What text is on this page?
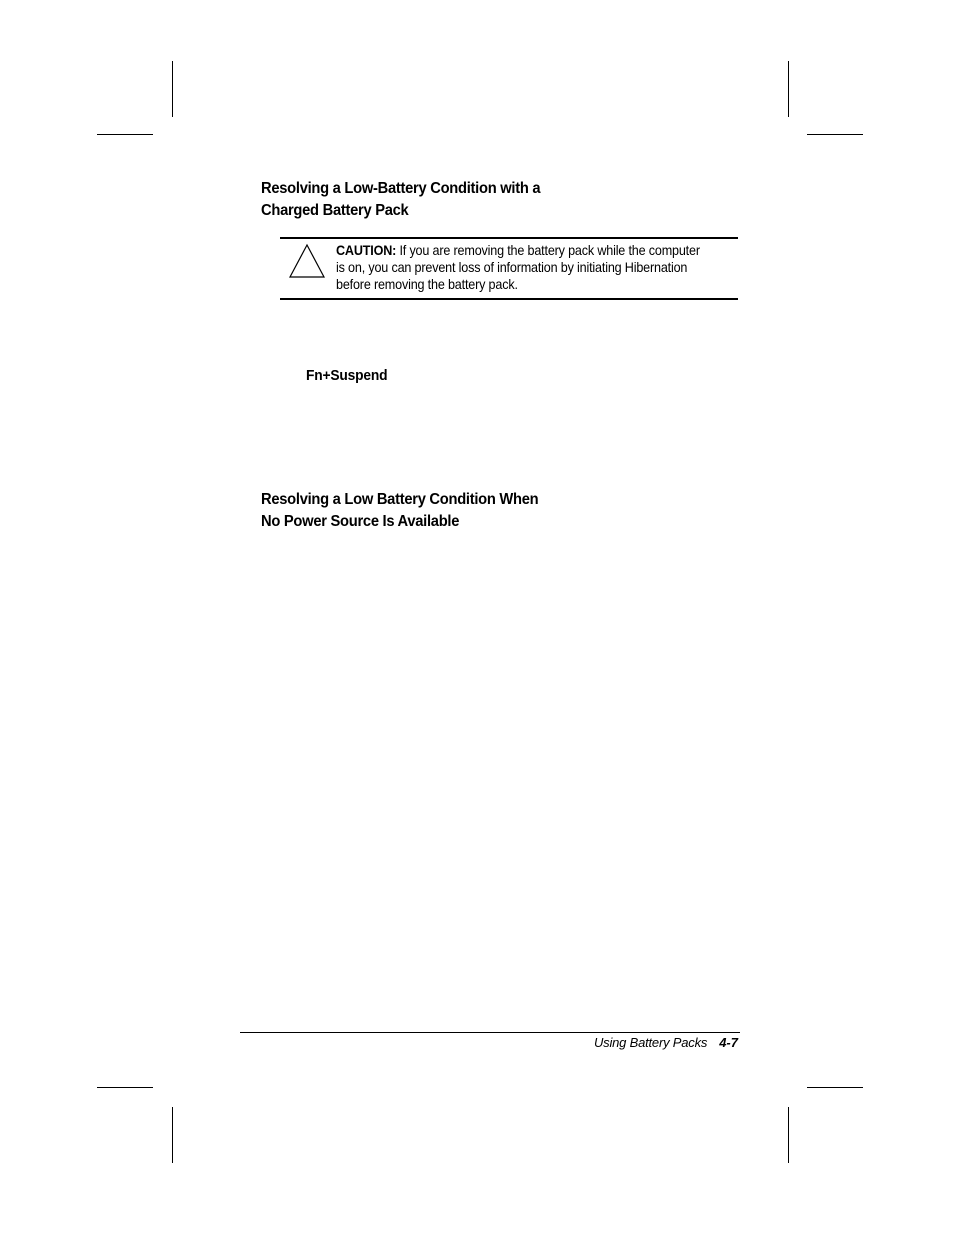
Resolving a Low-Battery Condition with a
Charged Battery Pack
CAUTION: If you are removing the battery pack while the computer
is on, you can prevent loss of information by initiating Hibernation
before removing the battery pack.
Fn+Suspend
Resolving a Low Battery Condition When
No Power Source Is Available
Using Battery Packs 4-7
